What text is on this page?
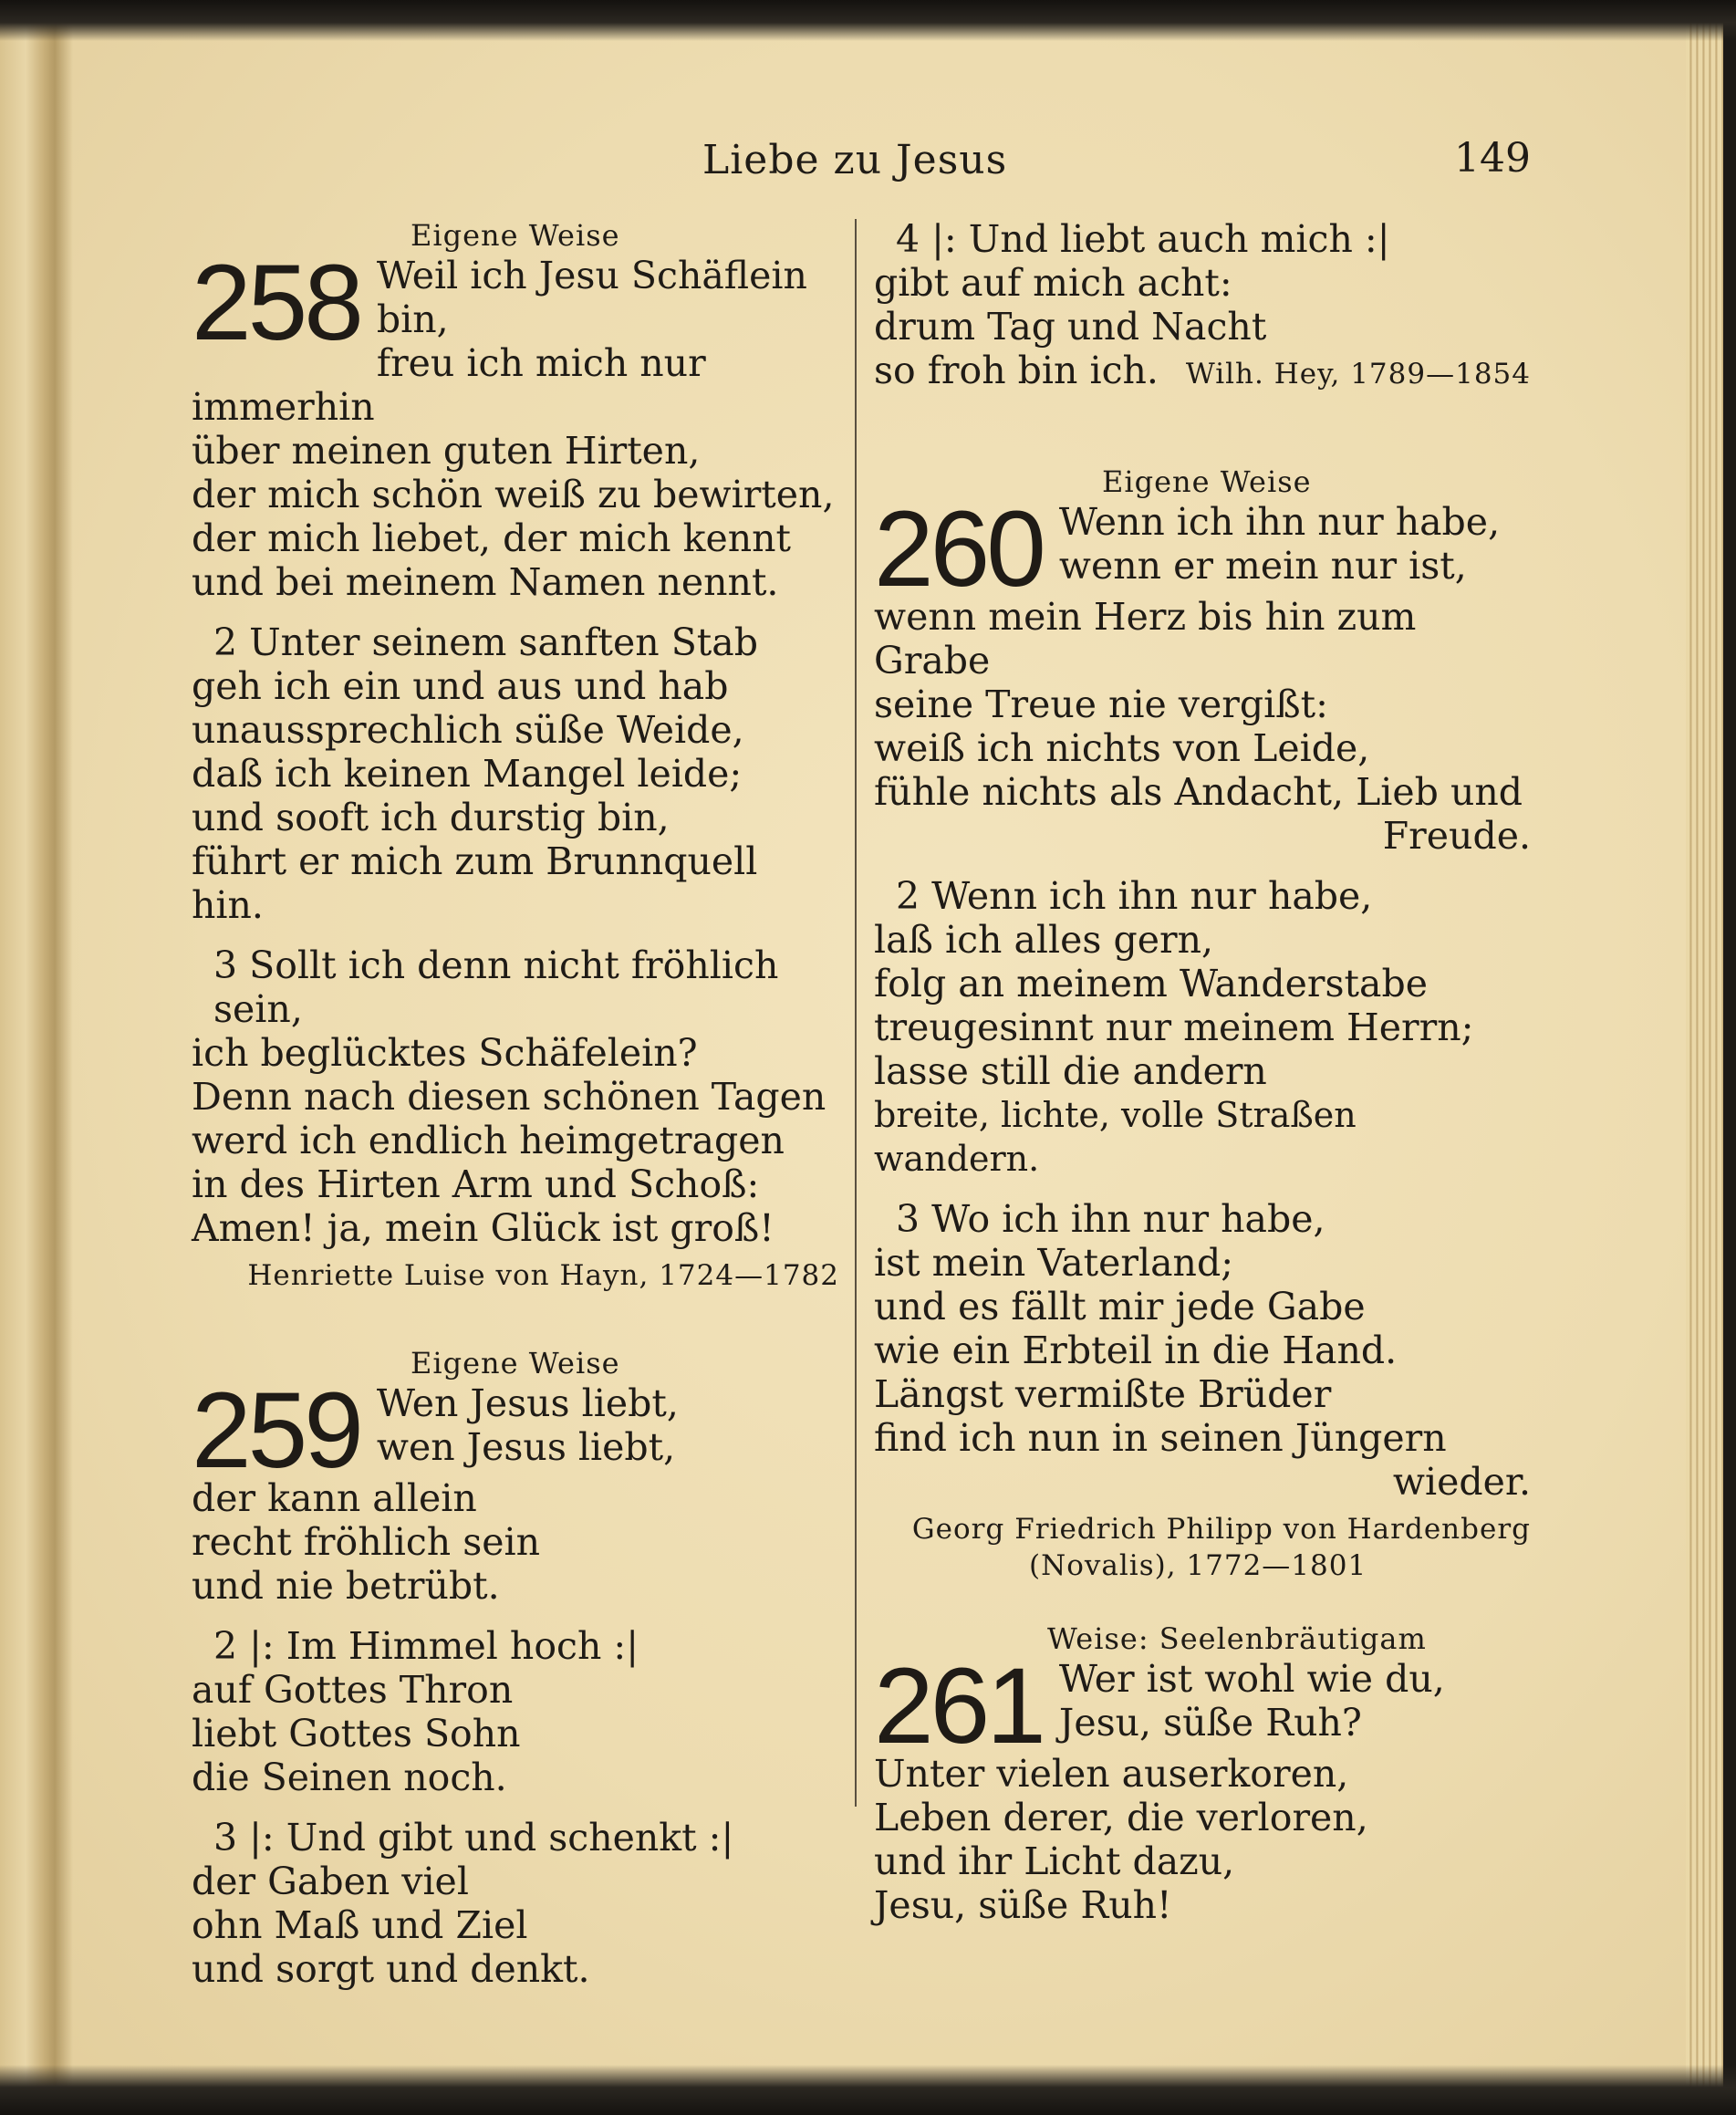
Liebe zu Jesus	149
Eigene Weise
258 Weil ich Jesu Schäflein bin,
freu ich mich nur immerhin
über meinen guten Hirten,
der mich schön weiß zu bewirten,
der mich liebet, der mich kennt
und bei meinem Namen nennt.
2 Unter seinem sanften Stab
geh ich ein und aus und hab
unaussprechlich süße Weide,
daß ich keinen Mangel leide;
und sooft ich durstig bin,
führt er mich zum Brunnquell hin.
3 Sollt ich denn nicht fröhlich sein,
ich beglücktes Schäfelein?
Denn nach diesen schönen Tagen
werd ich endlich heimgetragen
in des Hirten Arm und Schoß:
Amen! ja, mein Glück ist groß!
Henriette Luise von Hayn, 1724—1782
Eigene Weise
259 Wen Jesus liebt,
wen Jesus liebt,
der kann allein
recht fröhlich sein
und nie betrübt.
2 |: Im Himmel hoch :|
auf Gottes Thron
liebt Gottes Sohn
die Seinen noch.
3 |: Und gibt und schenkt :|
der Gaben viel
ohn Maß und Ziel
und sorgt und denkt.
4 |: Und liebt auch mich :|
gibt auf mich acht:
drum Tag und Nacht
so froh bin ich. Wilh. Hey, 1789—1854
Eigene Weise
260 Wenn ich ihn nur habe,
wenn er mein nur ist,
wenn mein Herz bis hin zum Grabe
seine Treue nie vergißt:
weiß ich nichts von Leide,
fühle nichts als Andacht, Lieb und
Freude.
2 Wenn ich ihn nur habe,
laß ich alles gern,
folg an meinem Wanderstabe
treugesinnt nur meinem Herrn;
lasse still die andern
breite, lichte, volle Straßen wandern.
3 Wo ich ihn nur habe,
ist mein Vaterland;
und es fällt mir jede Gabe
wie ein Erbteil in die Hand.
Längst vermißte Brüder
find ich nun in seinen Jüngern
wieder.
Georg Friedrich Philipp von Hardenberg
(Novalis), 1772—1801
Weise: Seelenbräutigam
261 Wer ist wohl wie du,
Jesu, süße Ruh?
Unter vielen auserkoren,
Leben derer, die verloren,
und ihr Licht dazu,
Jesu, süße Ruh!
